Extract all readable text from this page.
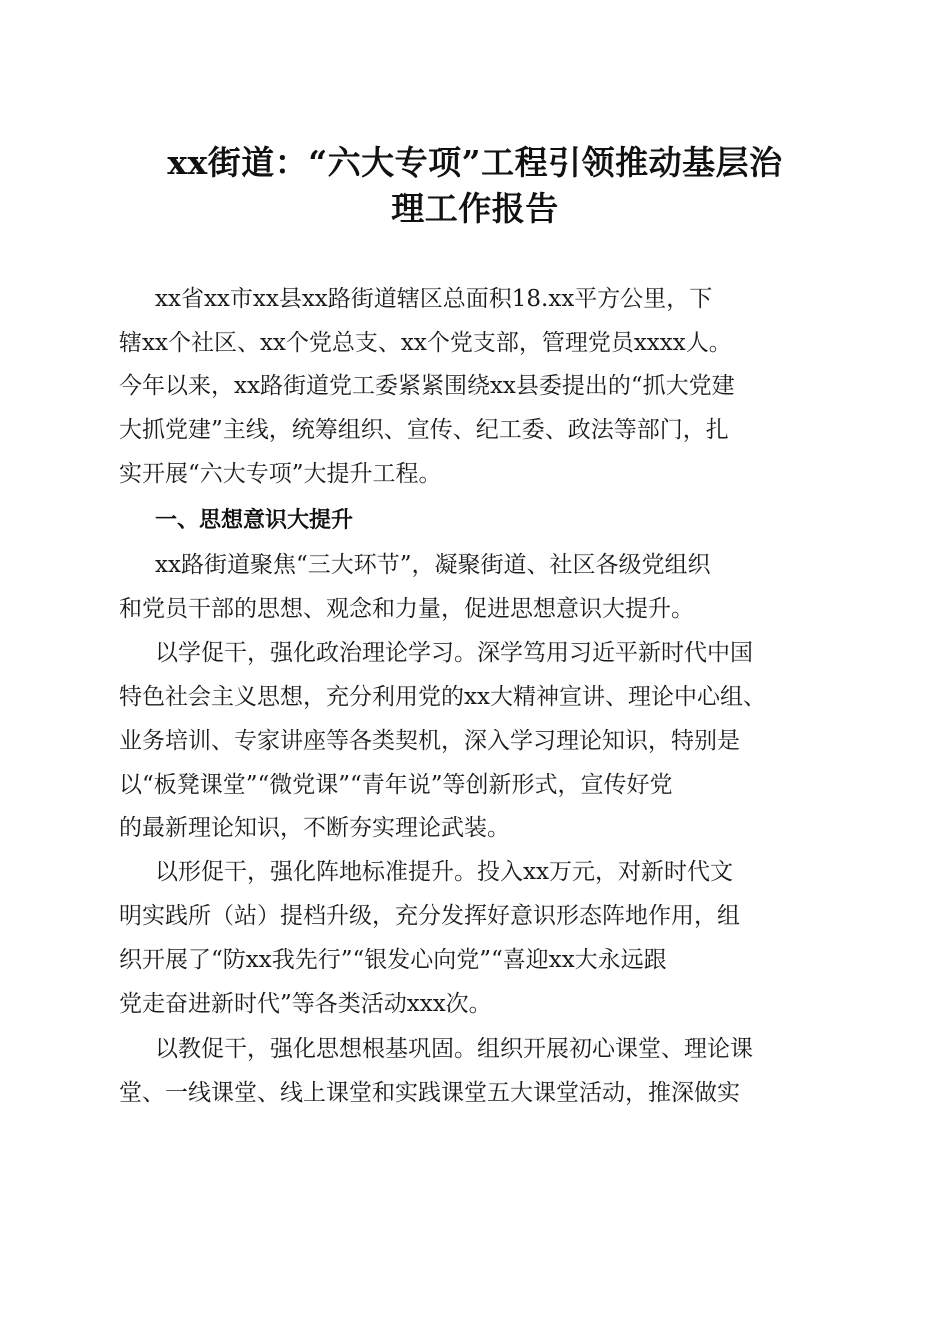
xx街道：“六大专项”工程引领推动基层治
理工作报告
xx省xx市xx县xx路街道辖区总面积18.xx平方公里，下
辖xx个社区、xx个党总支、xx个党支部，管理党员xxxx人。
今年以来，xx路街道党工委紧紧围绕xx县委提出的“抓大党建
大抓党建”主线，统筹组织、宣传、纪工委、政法等部门，扎
实开展“六大专项”大提升工程。
一、思想意识大提升
xx路街道聚焦“三大环节”，凝聚街道、社区各级党组织
和党员干部的思想、观念和力量，促进思想意识大提升。
以学促干，强化政治理论学习。深学笃用习近平新时代中国
特色社会主义思想，充分利用党的xx大精神宣讲、理论中心组、
业务培训、专家讲座等各类契机，深入学习理论知识，特别是
以“板凳课堂”“微党课”“青年说”等创新形式，宣传好党
的最新理论知识，不断夯实理论武装。
以形促干，强化阵地标准提升。投入xx万元，对新时代文
明实践所（站）提档升级，充分发挥好意识形态阵地作用，组
织开展了“防xx我先行”“银发心向党”“喜迎xx大永远跟
党走奋进新时代”等各类活动xxx次。
以教促干，强化思想根基巩固。组织开展初心课堂、理论课
堂、一线课堂、线上课堂和实践课堂五大课堂活动，推深做实
